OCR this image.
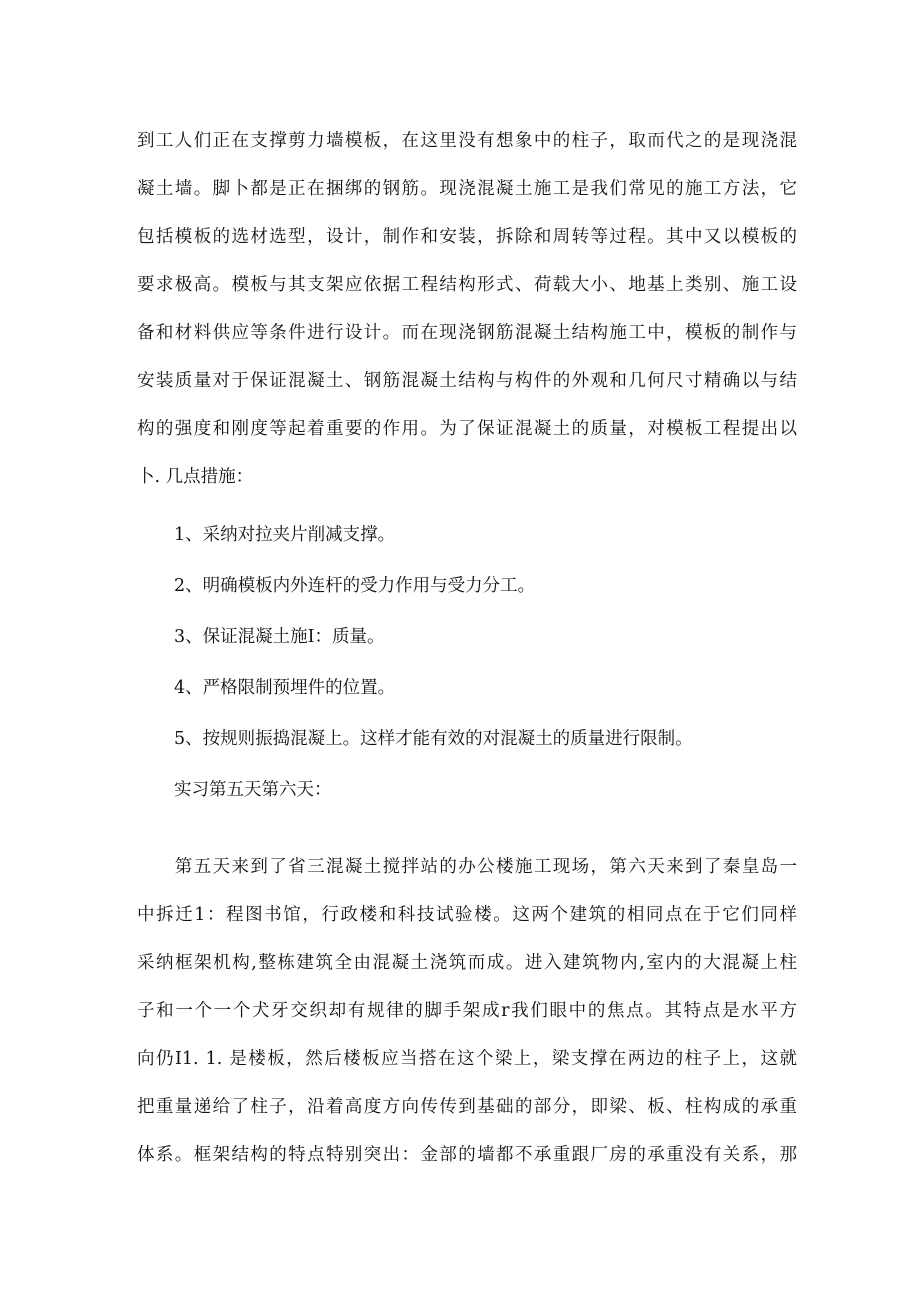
到工人们正在支撑剪力墙模板，在这里没有想象中的柱子，取而代之的是现浇混
凝土墙。脚卜都是正在捆绑的钢筋。现浇混凝土施工是我们常见的施工方法，它
包括模板的选材选型，设计，制作和安装，拆除和周转等过程。其中又以模板的
要求极高。模板与其支架应依据工程结构形式、荷载大小、地基上类别、施工设
备和材料供应等条件进行设计。而在现浇钢筋混凝土结构施工中，模板的制作与
安装质量对于保证混凝土、钢筋混凝土结构与构件的外观和几何尺寸精确以与结
构的强度和刚度等起着重要的作用。为了保证混凝土的质量，对模板工程提出以
卜. 几点措施：
1、采纳对拉夹片削减支撑。
2、明确模板内外连杆的受力作用与受力分工。
3、保证混凝土施I：质量。
4、严格限制预埋件的位置。
5、按规则振捣混凝上。这样才能有效的对混凝土的质量进行限制。
实习第五天第六天：
　　第五天来到了省三混凝土搅拌站的办公楼施工现场，第六天来到了秦皇岛一
中拆迁1：程图书馆，行政楼和科技试验楼。这两个建筑的相同点在于它们同样
采纳框架机构,整栋建筑全由混凝土浇筑而成。进入建筑物内,室内的大混凝上柱
子和一个一个犬牙交织却有规律的脚手架成r我们眼中的焦点。其特点是水平方
向仍I1. 1. 是楼板，然后楼板应当搭在这个梁上，梁支撑在两边的柱子上，这就
把重量递给了柱子，沿着高度方向传传到基础的部分，即梁、板、柱构成的承重
体系。框架结构的特点特别突出：金部的墙都不承重跟厂房的承重没有关系，那
